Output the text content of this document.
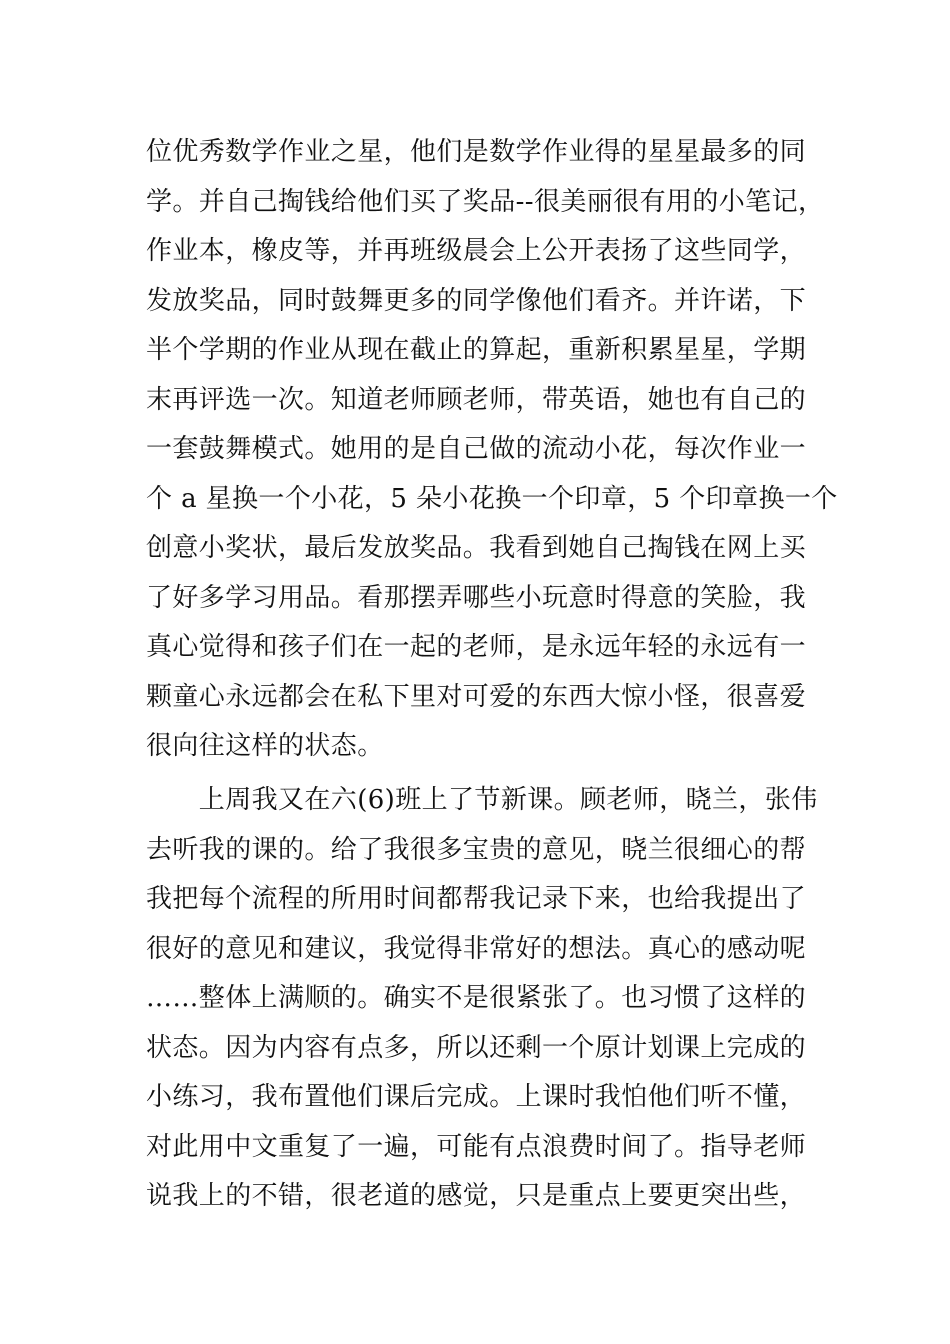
位优秀数学作业之星，他们是数学作业得的星星最多的同
学。并自己掏钱给他们买了奖品--很美丽很有用的小笔记，
作业本，橡皮等，并再班级晨会上公开表扬了这些同学，
发放奖品，同时鼓舞更多的同学像他们看齐。并许诺，下
半个学期的作业从现在截止的算起，重新积累星星，学期
末再评选一次。知道老师顾老师，带英语，她也有自己的
一套鼓舞模式。她用的是自己做的流动小花，每次作业一
个 a 星换一个小花，5 朵小花换一个印章，5 个印章换一个
创意小奖状，最后发放奖品。我看到她自己掏钱在网上买
了好多学习用品。看那摆弄哪些小玩意时得意的笑脸，我
真心觉得和孩子们在一起的老师，是永远年轻的永远有一
颗童心永远都会在私下里对可爱的东西大惊小怪，很喜爱
很向往这样的状态。
　　上周我又在六(6)班上了节新课。顾老师，晓兰，张伟
去听我的课的。给了我很多宝贵的意见，晓兰很细心的帮
我把每个流程的所用时间都帮我记录下来，也给我提出了
很好的意见和建议，我觉得非常好的想法。真心的感动呢
……整体上满顺的。确实不是很紧张了。也习惯了这样的
状态。因为内容有点多，所以还剩一个原计划课上完成的
小练习，我布置他们课后完成。上课时我怕他们听不懂，
对此用中文重复了一遍，可能有点浪费时间了。指导老师
说我上的不错，很老道的感觉，只是重点上要更突出些，
